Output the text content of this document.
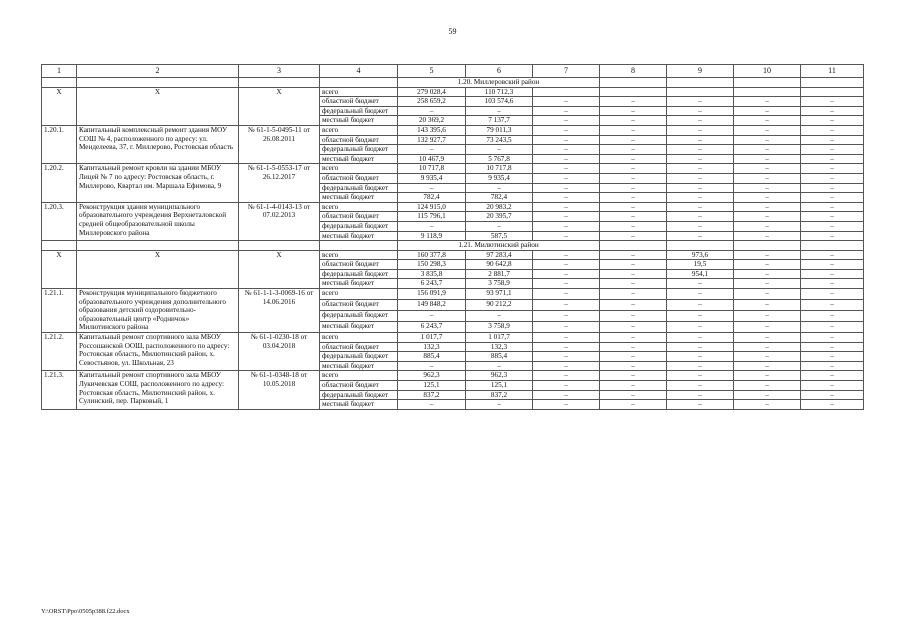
59
1	2	3	4	5	6	7	8	9	10	11
				1.20. Миллеровский район						
Х	Х	Х	всего	279 028,4	110 712,3					
			областной бюджет	258 659,2	103 574,6	–	–	–	–	–
			федеральный бюджет	–	–	–	–	–	–	–
			местный бюджет	20 369,2	7 137,7	–	–	–	–	–
1.20.1.	Капитальный комплексный ремонт здания МОУ СОШ № 4, расположенного по адресу: ул. Менделеева, 37, г. Миллерово, Ростовская область	№ 61-1-5-0495-11 от 26.08.2011	всего	143 395,6	79 011,3	–	–	–	–	–
			областной бюджет	132 927,7	73 243,5	–	–	–	–	–
			федеральный бюджет	–	–	–	–	–	–	–
			местный бюджет	10 467,9	5 767,8	–	–	–	–	–
1.20.2.	Капитальный ремонт кровли на здании МБОУ Лицей № 7 по адресу: Ростовская область, г. Миллерово, Квартал им. Маршала Ефимова, 9	№ 61-1-5-0553-17 от 26.12.2017	всего	10 717,8	10 717,8	–	–	–	–	–
			областной бюджет	9 935,4	9 935,4	–	–	–	–	–
			федеральный бюджет	–	–	–	–	–	–	–
			местный бюджет	782,4	782,4	–	–	–	–	–
1.20.3.	Реконструкция здания муниципального образовательного учреждения Верхнеталовской средней общеобразовательной школы Миллеровского района	№ 61-1-4-0143-13 от 07.02.2013	всего	124 915,0	20 983,2	–	–	–	–	–
			областной бюджет	115 796,1	20 395,7	–	–	–	–	–
			федеральный бюджет	–	–	–	–	–	–	–
			местный бюджет	9 118,9	587,5	–	–	–	–	–
				1.21. Милютинский район						
Х	Х	Х	всего	160 377,8	97 283,4	–	–	973,6	–	–
			областной бюджет	150 298,3	90 642,8	–	–	19,5	–	–
			федеральный бюджет	3 835,8	2 881,7	–	–	954,1	–	–
			местный бюджет	6 243,7	3 758,9	–	–	–	–	–
1.21.1.	Реконструкция муниципального бюджетного образовательного учреждения дополнительного образования детский оздоровительно-образовательный центр «Родничок» Милютинского района	№ 61-1-1-3-0069-16 от 14.06.2016	всего	156 091,9	93 971,1	–	–	–	–	–
			областной бюджет	149 848,2	90 212,2	–	–	–	–	–
			федеральный бюджет	–	–	–	–	–	–	–
			местный бюджет	6 243,7	3 758,9	–	–	–	–	–
1.21.2.	Капитальный ремонт спортивного зала МБОУ Россошанской ООШ, расположенного по адресу: Ростовская область, Милютинский район, х. Севостьянов, ул. Школьная, 23	№ 61-1-0230-18 от 03.04.2018	всего	1 017,7	1 017,7	–	–	–	–	–
			областной бюджет	132,3	132,3	–	–	–	–	–
			федеральный бюджет	885,4	885,4	–	–	–	–	–
			местный бюджет	–	–	–	–	–	–	–
1.21.3.	Капитальный ремонт спортивного зала МБОУ Лукичевская СОШ, расположенного по адресу: Ростовская область, Милютинский район, х. Сулинский, пер. Парковый, 1	№ 61-1-0348-18 от 10.05.2018	всего	962,3	962,3	–	–	–	–	–
			областной бюджет	125,1	125,1	–	–	–	–	–
			федеральный бюджет	837,2	837,2	–	–	–	–	–
			местный бюджет	–	–	–	–	–	–	–
Y:\ORST\Ppo\0505p388.f22.docx
